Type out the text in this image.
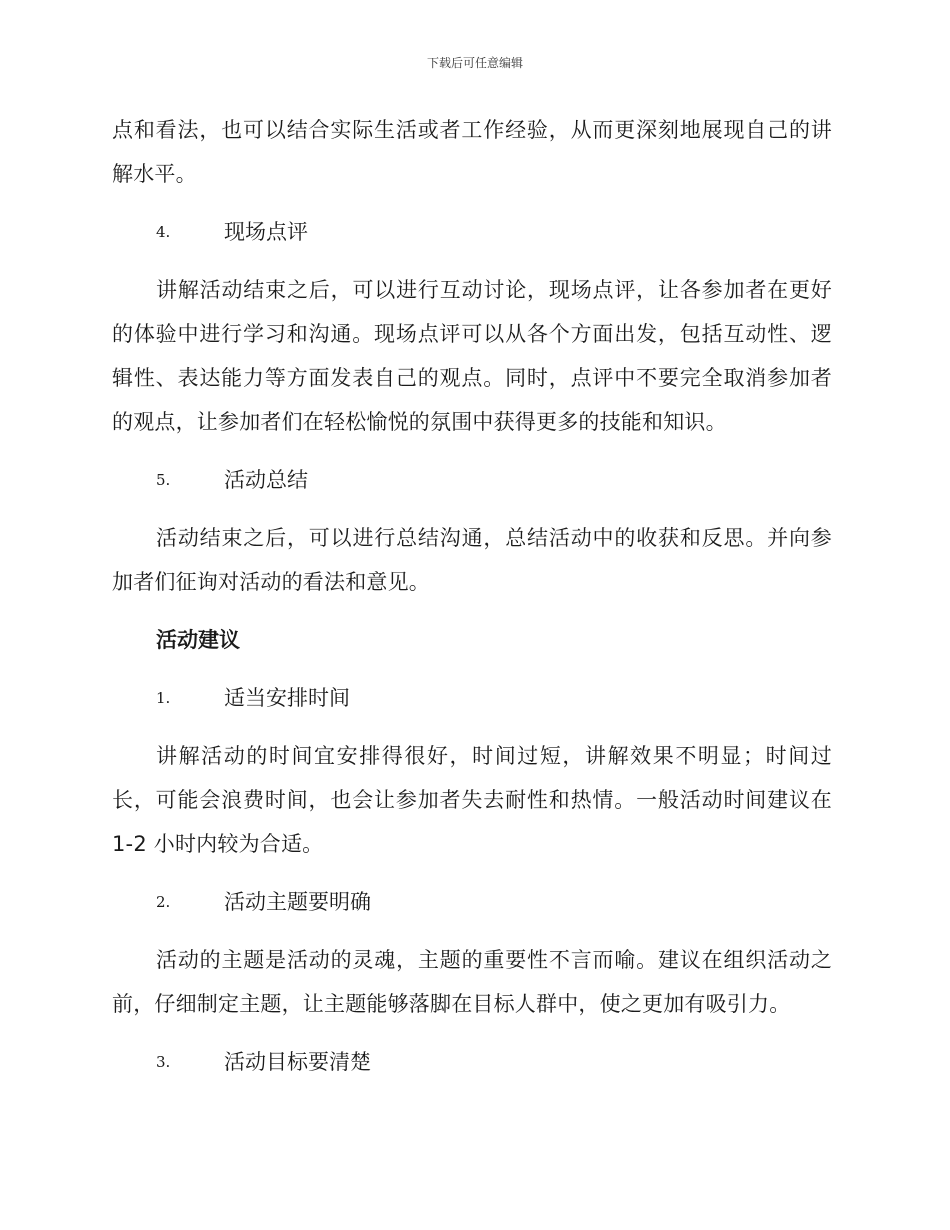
下载后可任意编辑

点和看法，也可以结合实际生活或者工作经验，从而更深刻地展现自己的讲解水平。

4.	现场点评

讲解活动结束之后，可以进行互动讨论，现场点评，让各参加者在更好的体验中进行学习和沟通。现场点评可以从各个方面出发，包括互动性、逻辑性、表达能力等方面发表自己的观点。同时，点评中不要完全取消参加者的观点，让参加者们在轻松愉悦的氛围中获得更多的技能和知识。

5.	活动总结

活动结束之后，可以进行总结沟通，总结活动中的收获和反思。并向参加者们征询对活动的看法和意见。

活动建议
1.	适当安排时间

讲解活动的时间宜安排得很好，时间过短，讲解效果不明显；时间过长，可能会浪费时间，也会让参加者失去耐性和热情。一般活动时间建议在1-2 小时内较为合适。

2.	活动主题要明确

活动的主题是活动的灵魂，主题的重要性不言而喻。建议在组织活动之前，仔细制定主题，让主题能够落脚在目标人群中，使之更加有吸引力。

3.	活动目标要清楚
